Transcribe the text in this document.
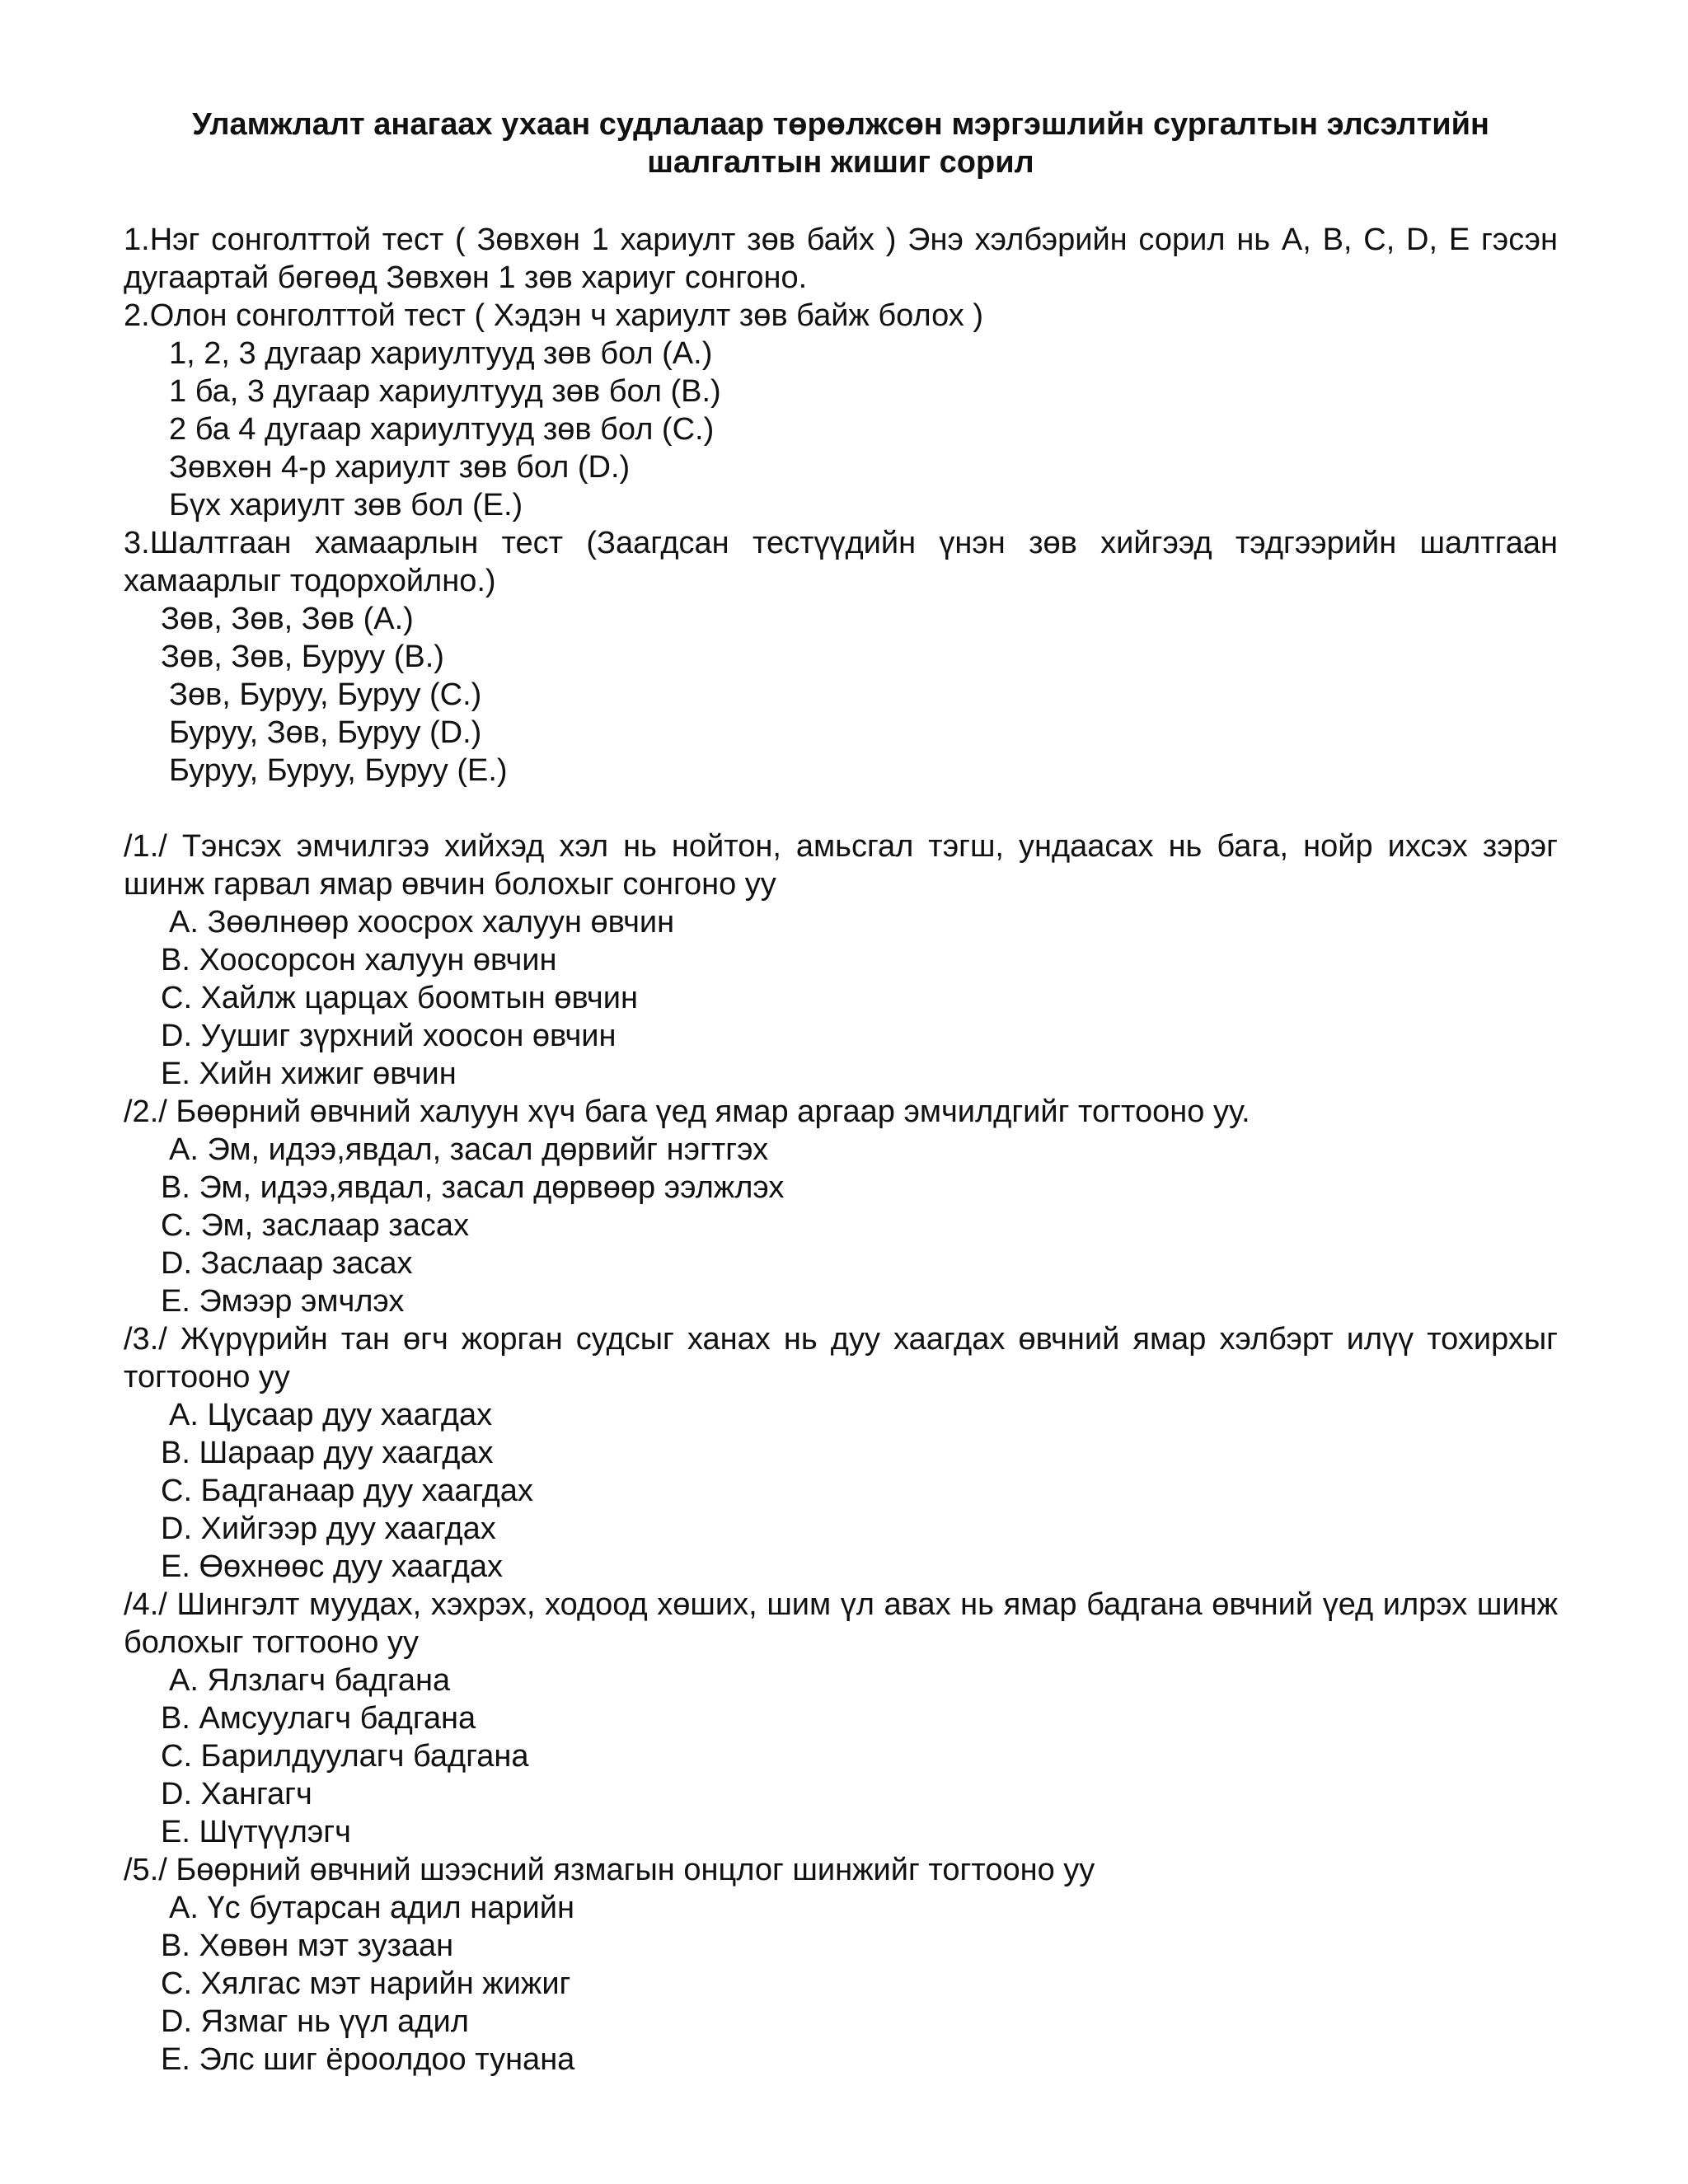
Уламжлалт анагаах ухаан судлалаар төрөлжсөн мэргэшлийн сургалтын элсэлтийн
шалгалтын жишиг сорил
1.Нэг сонголттой тест ( Зөвхөн 1 хариулт зөв байх ) Энэ хэлбэрийн сорил нь A, B, C, D, E гэсэн дугаартай бөгөөд Зөвхөн 1 зөв хариуг сонгоно.
2.Олон сонголттой тест ( Хэдэн ч хариулт зөв байж болох )
1, 2, 3 дугаар хариултууд зөв бол (A.)
1 ба, 3 дугаар хариултууд зөв бол (B.)
2 ба 4 дугаар хариултууд зөв бол (C.)
Зөвхөн 4-р хариулт зөв бол (D.)
Бүх хариулт зөв бол (E.)
3.Шалтгаан хамаарлын тест (Заагдсан тестүүдийн үнэн зөв хийгээд тэдгээрийн шалтгаан хамаарлыг тодорхойлно.)
Зөв, Зөв, Зөв (A.)
Зөв, Зөв, Буруу (B.)
Зөв, Буруу, Буруу (C.)
Буруу, Зөв, Буруу (D.)
Буруу, Буруу, Буруу (E.)
/1./ Тэнсэх эмчилгээ хийхэд хэл нь нойтон, амьсгал тэгш, ундаасах нь бага, нойр ихсэх зэрэг шинж гарвал ямар өвчин болохыг сонгоно уу
A. Зөөлнөөр хоосрох халуун өвчин
B. Хоосорсон халуун өвчин
C. Хайлж царцах боомтын өвчин
D. Уушиг зүрхний хоосон өвчин
E. Хийн хижиг өвчин
/2./ Бөөрний өвчний халуун хүч бага үед ямар аргаар эмчилдгийг тогтооно уу.
A. Эм, идээ,явдал, засал дөрвийг нэгтгэх
B. Эм, идээ,явдал, засал дөрвөөр ээлжлэх
C. Эм, заслаар засах
D. Заслаар засах
E. Эмээр эмчлэх
/3./ Жүрүрийн тан өгч жорган судсыг ханах нь дуу хаагдах өвчний ямар хэлбэрт илүү тохирхыг тогтооно уу
A. Цусаар дуу хаагдах
B. Шараар дуу хаагдах
C. Бадганаар дуу хаагдах
D. Хийгээр дуу хаагдах
E. Өөхнөөс дуу хаагдах
/4./ Шингэлт муудах, хэхрэх, ходоод хөших, шим үл авах нь ямар бадгана өвчний үед илрэх шинж болохыг тогтооно уу
A. Ялзлагч бадгана
B. Амсуулагч бадгана
C. Барилдуулагч бадгана
D. Хангагч
E. Шүтүүлэгч
/5./ Бөөрний өвчний шээсний язмагын онцлог шинжийг тогтооно уу
A. Үс бутарсан адил нарийн
B. Хөвөн мэт зузаан
C. Хялгас мэт нарийн жижиг
D. Язмаг нь үүл адил
E. Элс шиг ёроолдоо тунана
